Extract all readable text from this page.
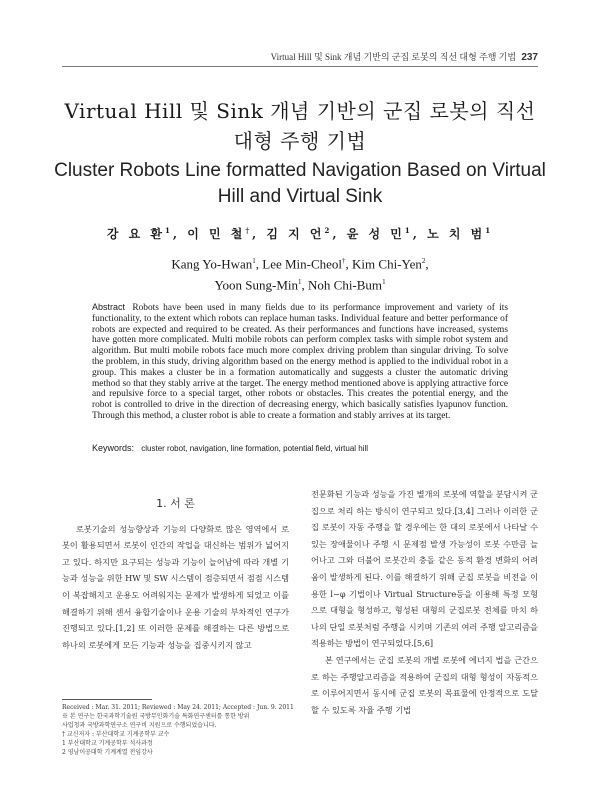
Virtual Hill 및 Sink 개념 기반의 군집 로봇의 직선 대형 주행 기법 237
Virtual Hill 및 Sink 개념 기반의 군집 로봇의 직선
대형 주행 기법
Cluster Robots Line formatted Navigation Based on Virtual
Hill and Virtual Sink
강 요 환$^1$, 이 민 철†, 김 지 언$^2$, 윤 성 민$^1$, 노 치 범$^1$
Kang Yo-Hwan$^1$, Lee Min-Cheol†, Kim Chi-Yen$^2$,
Yoon Sung-Min$^1$, Noh Chi-Bum$^1$
Abstract Robots have been used in many fields due to its performance improvement and variety of its functionality, to the extent which robots can replace human tasks. Individual feature and better performance of robots are expected and required to be created. As their performances and functions have increased, systems have gotten more complicated. Multi mobile robots can perform complex tasks with simple robot system and algorithm. But multi mobile robots face much more complex driving problem than singular driving. To solve the problem, in this study, driving algorithm based on the energy method is applied to the individual robot in a group. This makes a cluster be in a formation automatically and suggests a cluster the automatic driving method so that they stably arrive at the target. The energy method mentioned above is applying attractive force and repulsive force to a special target, other robots or obstacles. This creates the potential energy, and the robot is controlled to drive in the direction of decreasing energy, which basically satisfies lyapunov function. Through this method, a cluster robot is able to create a formation and stably arrives at its target.
Keywords: cluster robot, navigation, line formation, potential field, virtual hill
1. 서 론

로봇기술의 성능향상과 기능의 다양화로 많은 영역에서 로봇이 활용되면서 로봇이 인간의 작업을 대신하는 범위가 넓어지고 있다. 하지만 요구되는 성능과 기능이 늘어남에 따라 개별 기능과 성능을 위한 HW 및 SW 시스템이 점층되면서 점점 시스템이 복잡해지고 운용도 어려워지는 문제가 발생하게 되었고 이를 해결하기 위해 센서 융합기술이나 운용 기술의 부차적인 연구가 진행되고 있다.[1,2] 또 이러한 문제를 해결하는 다른 방법으로 하나의 로봇에게 모든 기능과 성능을 집중시키지 않고

전문화된 기능과 성능을 가진 별개의 로봇에 역할을 분담시켜 군집으로 처리 하는 방식이 연구되고 있다.[3,4] 그러나 이러한 군집 로봇이 자동 주행을 할 경우에는 한 대의 로봇에서 나타날 수 있는 장애물이나 주행 시 문제점 발생 가능성이 로봇 수만큼 늘어나고 그와 더불어 로봇간의 충돌 같은 동적 환경 변화의 어려움이 발생하게 된다. 이를 해결하기 위해 군집 로봇을 비전을 이용한 l−φ 기법이나 Virtual Structure등을 이용해 특정 모형으로 대형을 형성하고, 형성된 대형의 군집로봇 전체를 마치 하나의 단일 로봇처럼 주행을 시키며 기존의 여러 주행 알고리즘을 적용하는 방법이 연구되었다.[5,6]

본 연구에서는 군집 로봇의 개별 로봇에 에너지 법을 근간으로 하는 주행알고리즘을 적용하여 군집의 대형 형성이 자동적으로 이루어지면서 동시에 군집 로봇의 목표물에 안정적으로 도달할 수 있도록 자율 주행 기법

Received : Mar. 31. 2011; Reviewed : May 24. 2011; Accepted : Jun. 9. 2011
※ 본 연구는 한국과학기술원 국방무인화기술 특화연구센터를 통한 방위
사업청과 국방과학연구소 연구비 지원으로 수행되었습니다.
† 교신저자 : 부산대학교 기계공학부 교수
1 부산대학교 기계공학부 석사과정
2 영남이공대학 기계계열 전임강사
